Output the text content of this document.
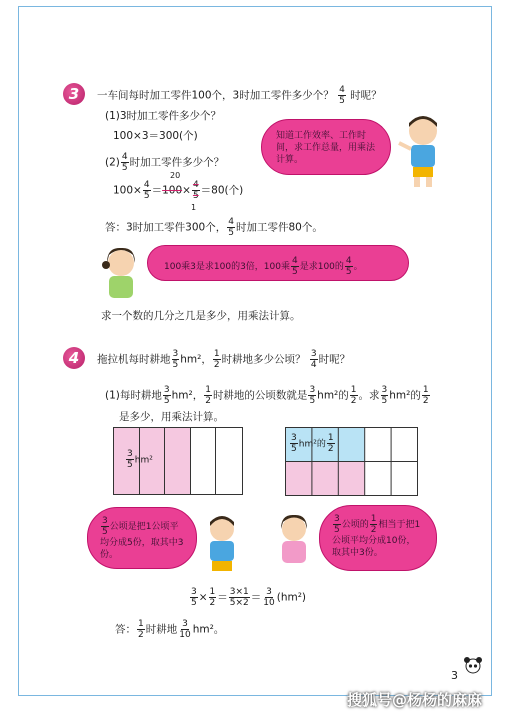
3	一车间每时加工零件100个，3时加工零件多少个？ $\frac{4}{5}$ 时呢？
(1)3时加工零件多少个？
100×3＝300(个)
$(2) \frac{4}{5}$ 时加工零件多少个？
$100\times \frac{4}{5} =100\times \frac{4}{5} =80$(个)
20
1
答：3时加工零件300个， $\frac{4}{5}$ 时加工零件80个。
知道工作效率、工作时间，求工作总量，用乘法计算。
100乘3是求100的3倍，100乘 $\frac{4}{5}$ 是求100的 $\frac{4}{5}$ 。
求一个数的几分之几是多少，用乘法计算。
4	拖拉机每时耕地 $\frac{3}{5} hm^2$， $\frac{1}{2}$ 时耕地多少公顷？ $\frac{3}{4}$ 时呢？
(1)每时耕地 $\frac{3}{5} hm^2$， $\frac{1}{2}$ 时耕地的公顷数就是 $\frac{3}{5} hm^2$的 $\frac{1}{2}$ 。求 $\frac{3}{5} hm^2$的 $\frac{1}{2}$
是多少，用乘法计算。
$\frac{3}{5} hm^2$
$\frac{3}{5} hm^2$的 $\frac{1}{2}$
$\frac{3}{5}$ 公顷是把1公顷平均分成5份，取其中3份。
$\frac{3}{5}$ 公顷的 $\frac{1}{2}$ 相当于把1公顷平均分成10份，取其中3份。
$\frac{3}{5} \times \frac{1}{2} = \frac{3\times 1}{5\times 2} = \frac{3}{10} (hm^2)$
答： $\frac{1}{2}$ 时耕地 $\frac{3}{10} hm^2$。
3
搜狐号@杨杨的麻麻
